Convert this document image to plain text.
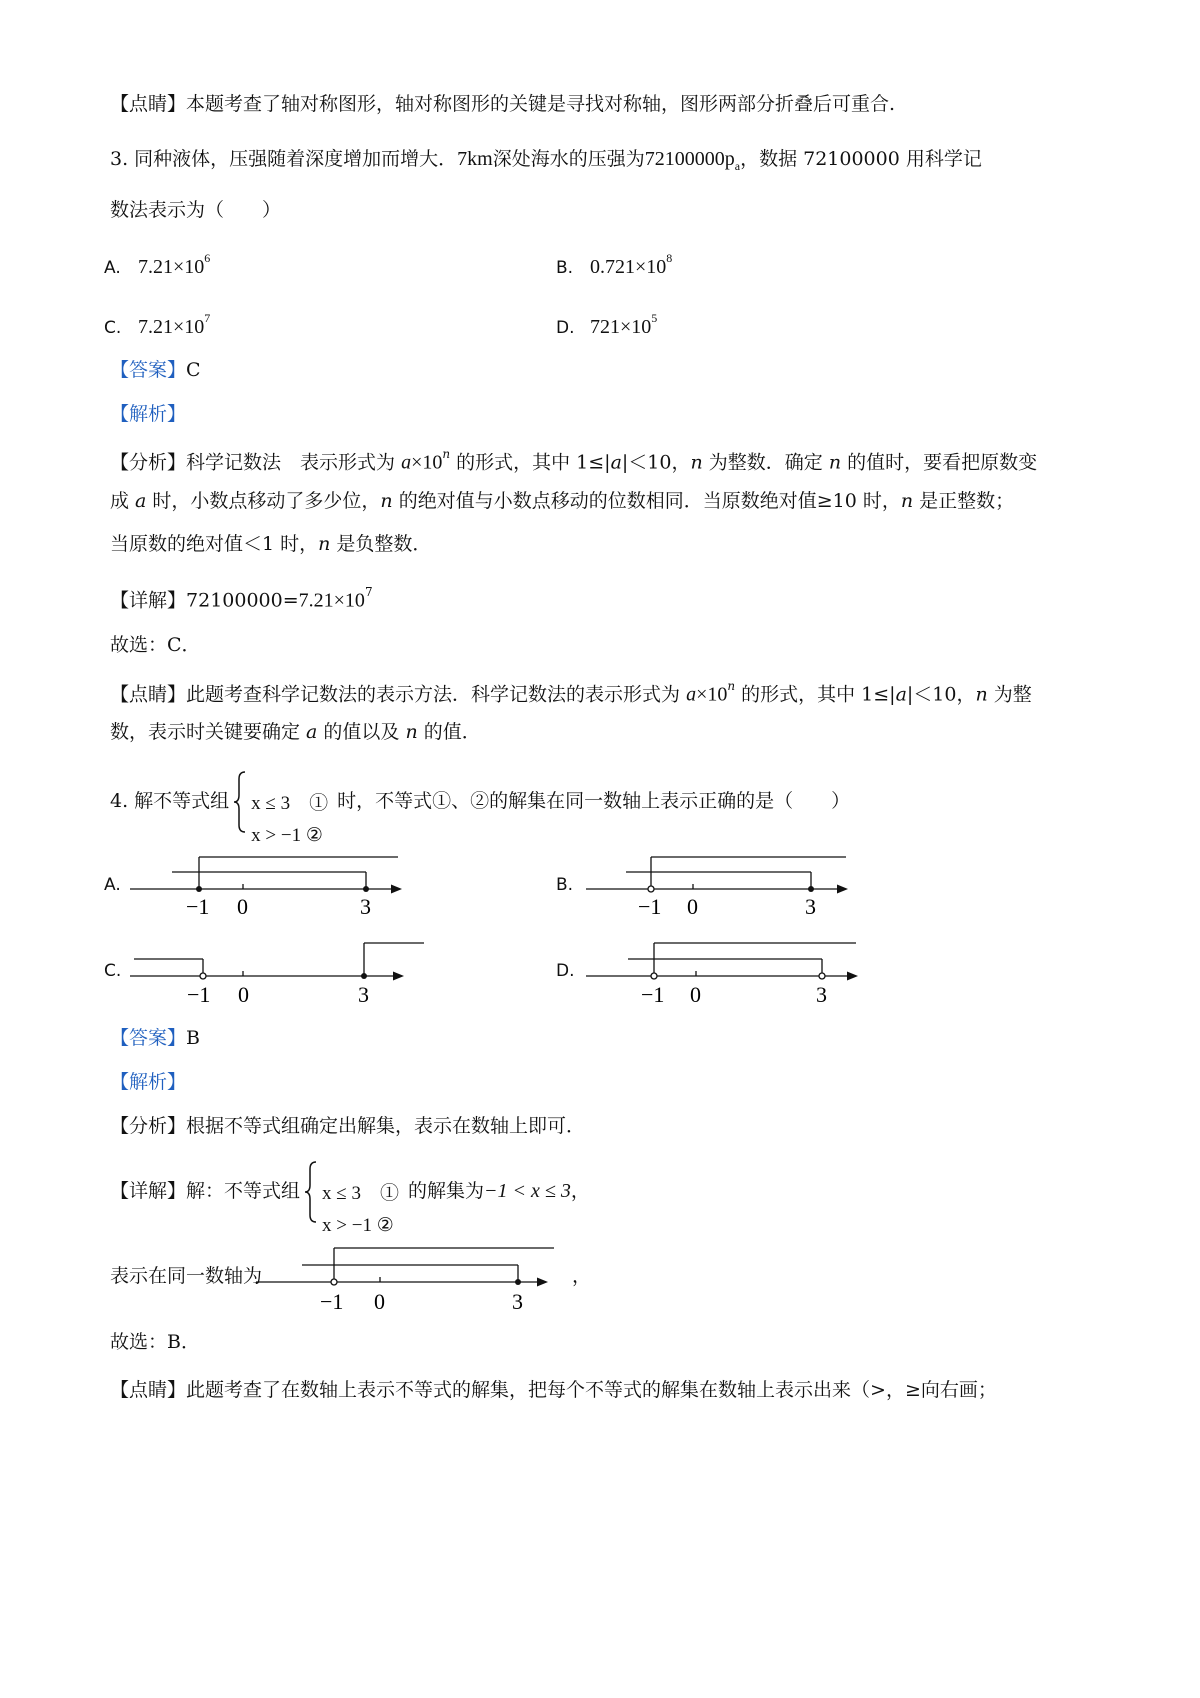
【点睛】本题考查了轴对称图形，轴对称图形的关键是寻找对称轴，图形两部分折叠后可重合.
3. 同种液体，压强随着深度增加而增大．7km深处海水的压强为$72100000p_a$，数据 72100000 用科学记
数法表示为（　　）
A. $7.21\times 10^6$	B. $0.721\times 10^8$
C. $7.21\times 10^7$	D. $721\times 10^5$
【答案】C
【解析】
【分析】科学记数法　表示形式为 $a\times 10^n$ 的形式，其中 1≤|a|＜10，n 为整数．确定 n 的值时，要看把原数变
成 a 时，小数点移动了多少位，n 的绝对值与小数点移动的位数相同．当原数绝对值≥10 时，n 是正整数；
当原数的绝对值＜1 时，n 是负整数．
【详解】$72100000=7.21\times 10^7$
故选：C．
【点睛】此题考查科学记数法的表示方法．科学记数法的表示形式为 $a\times 10^n$ 的形式，其中 1≤|a|＜10，n 为整
数，表示时关键要确定 a 的值以及 n 的值．
4. 解不等式组 x ≤ 3　①
x > −1 ②
时，不等式①、②的解集在同一数轴上表示正确的是（　　）
A.	B.
C.	D.
−1 0	3	−1 0	3
−1 0	3	−1 0	3
【答案】B
【解析】
【分析】根据不等式组确定出解集，表示在数轴上即可．
【详解】解：不等式组 x ≤ 3　①
x > −1 ②
的解集为−1 < x ≤ 3，
表示在同一数轴为
−1 0	3
，
故选：B．
【点睛】此题考查了在数轴上表示不等式的解集，把每个不等式的解集在数轴上表示出来（>，≥向右画；
